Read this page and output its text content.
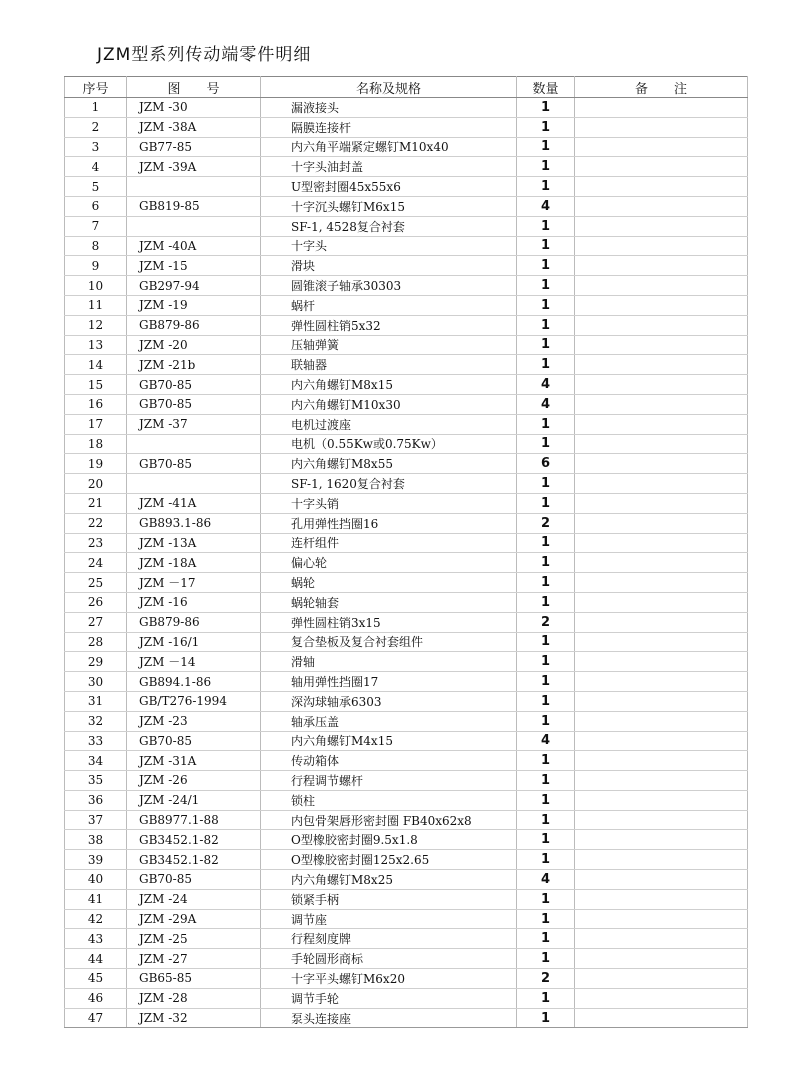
JZM型系列传动端零件明细
序号	图　　号	名称及规格	数量	备　　注
1	JZM -30	漏液接头	1	
2	JZM -38A	隔膜连接杆	1	
3	GB77-85	内六角平端紧定螺钉M10x40	1	
4	JZM -39A	十字头油封盖	1	
5		U型密封圈45x55x6	1	
6	GB819-85	十字沉头螺钉M6x15	4	
7		SF-1, 4528复合衬套	1	
8	JZM -40A	十字头	1	
9	JZM -15	滑块	1	
10	GB297-94	圆锥滚子轴承30303	1	
11	JZM -19	蜗杆	1	
12	GB879-86	弹性圆柱销5x32	1	
13	JZM -20	压轴弹簧	1	
14	JZM -21b	联轴器	1	
15	GB70-85	内六角螺钉M8x15	4	
16	GB70-85	内六角螺钉M10x30	4	
17	JZM -37	电机过渡座	1	
18		电机（0.55Kw或0.75Kw）	1	
19	GB70-85	内六角螺钉M8x55	6	
20		SF-1, 1620复合衬套	1	
21	JZM -41A	十字头销	1	
22	GB893.1-86	孔用弹性挡圈16	2	
23	JZM -13A	连杆组件	1	
24	JZM -18A	偏心轮	1	
25	JZM －17	蜗轮	1	
26	JZM -16	蜗轮轴套	1	
27	GB879-86	弹性圆柱销3x15	2	
28	JZM -16/1	复合垫板及复合衬套组件	1	
29	JZM －14	滑轴	1	
30	GB894.1-86	轴用弹性挡圈17	1	
31	GB/T276-1994	深沟球轴承6303	1	
32	JZM -23	轴承压盖	1	
33	GB70-85	内六角螺钉M4x15	4	
34	JZM -31A	传动箱体	1	
35	JZM -26	行程调节螺杆	1	
36	JZM -24/1	锁柱	1	
37	GB8977.1-88	内包骨架唇形密封圈 FB40x62x8	1	
38	GB3452.1-82	O型橡胶密封圈9.5x1.8	1	
39	GB3452.1-82	O型橡胶密封圈125x2.65	1	
40	GB70-85	内六角螺钉M8x25	4	
41	JZM -24	锁紧手柄	1	
42	JZM -29A	调节座	1	
43	JZM -25	行程刻度牌	1	
44	JZM -27	手轮圆形商标	1	
45	GB65-85	十字平头螺钉M6x20	2	
46	JZM -28	调节手轮	1	
47	JZM -32	泵头连接座	1	
